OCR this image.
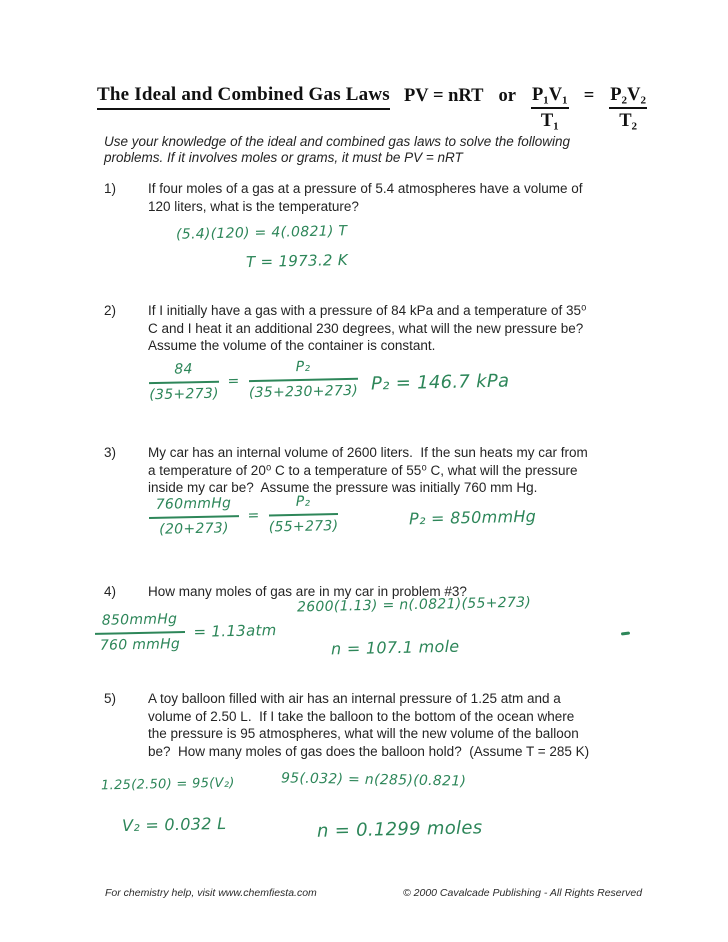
The Ideal and Combined Gas Laws PV = nRT or $\frac{\text{P₁V₁}}{\text{T₁}} = \frac{\text{P₂V₂}}{\text{T₂}}$
Use your knowledge of the ideal and combined gas laws to solve the following
problems. If it involves moles or grams, it must be PV = nRT
1)	If four moles of a gas at a pressure of 5.4 atmospheres have a volume of
120 liters, what is the temperature?
(5.4)(120) = 4(.0821) T
T = 1973.2 K
2)	If I initially have a gas with a pressure of 84 kPa and a temperature of 35⁰
C and I heat it an additional 230 degrees, what will the new pressure be?
Assume the volume of the container is constant.
$\frac{84}{(35+273)} = \frac{\text{P₂}}{(35+230+273)} P_2 = 146.7$ kPa
3)	My car has an internal volume of 2600 liters.  If the sun heats my car from
a temperature of 20⁰ C to a temperature of 55⁰ C, what will the pressure
inside my car be?  Assume the pressure was initially 760 mm Hg.
760mmHg
(20+273)
= $\frac{\text{P₂}}{(55+273)}$	P₂ = 850mmHg
4)	How many moles of gas are in my car in problem #3?
2600(1.13) = n(.0821)(55+273)
850mmHg
760 mmHg
= 1.13atm
n = 107.1 mole
5)	A toy balloon filled with air has an internal pressure of 1.25 atm and a
volume of 2.50 L.  If I take the balloon to the bottom of the ocean where
the pressure is 95 atmospheres, what will the new volume of the balloon
be?  How many moles of gas does the balloon hold?  (Assume T = 285 K)
1.25(2.50) = 95(V₂)	95(.032) = n(285)(0.821)
V₂ = 0.032 L	n = 0.1299 moles
For chemistry help, visit www.chemfiesta.com	© 2000 Cavalcade Publishing - All Rights Reserved
